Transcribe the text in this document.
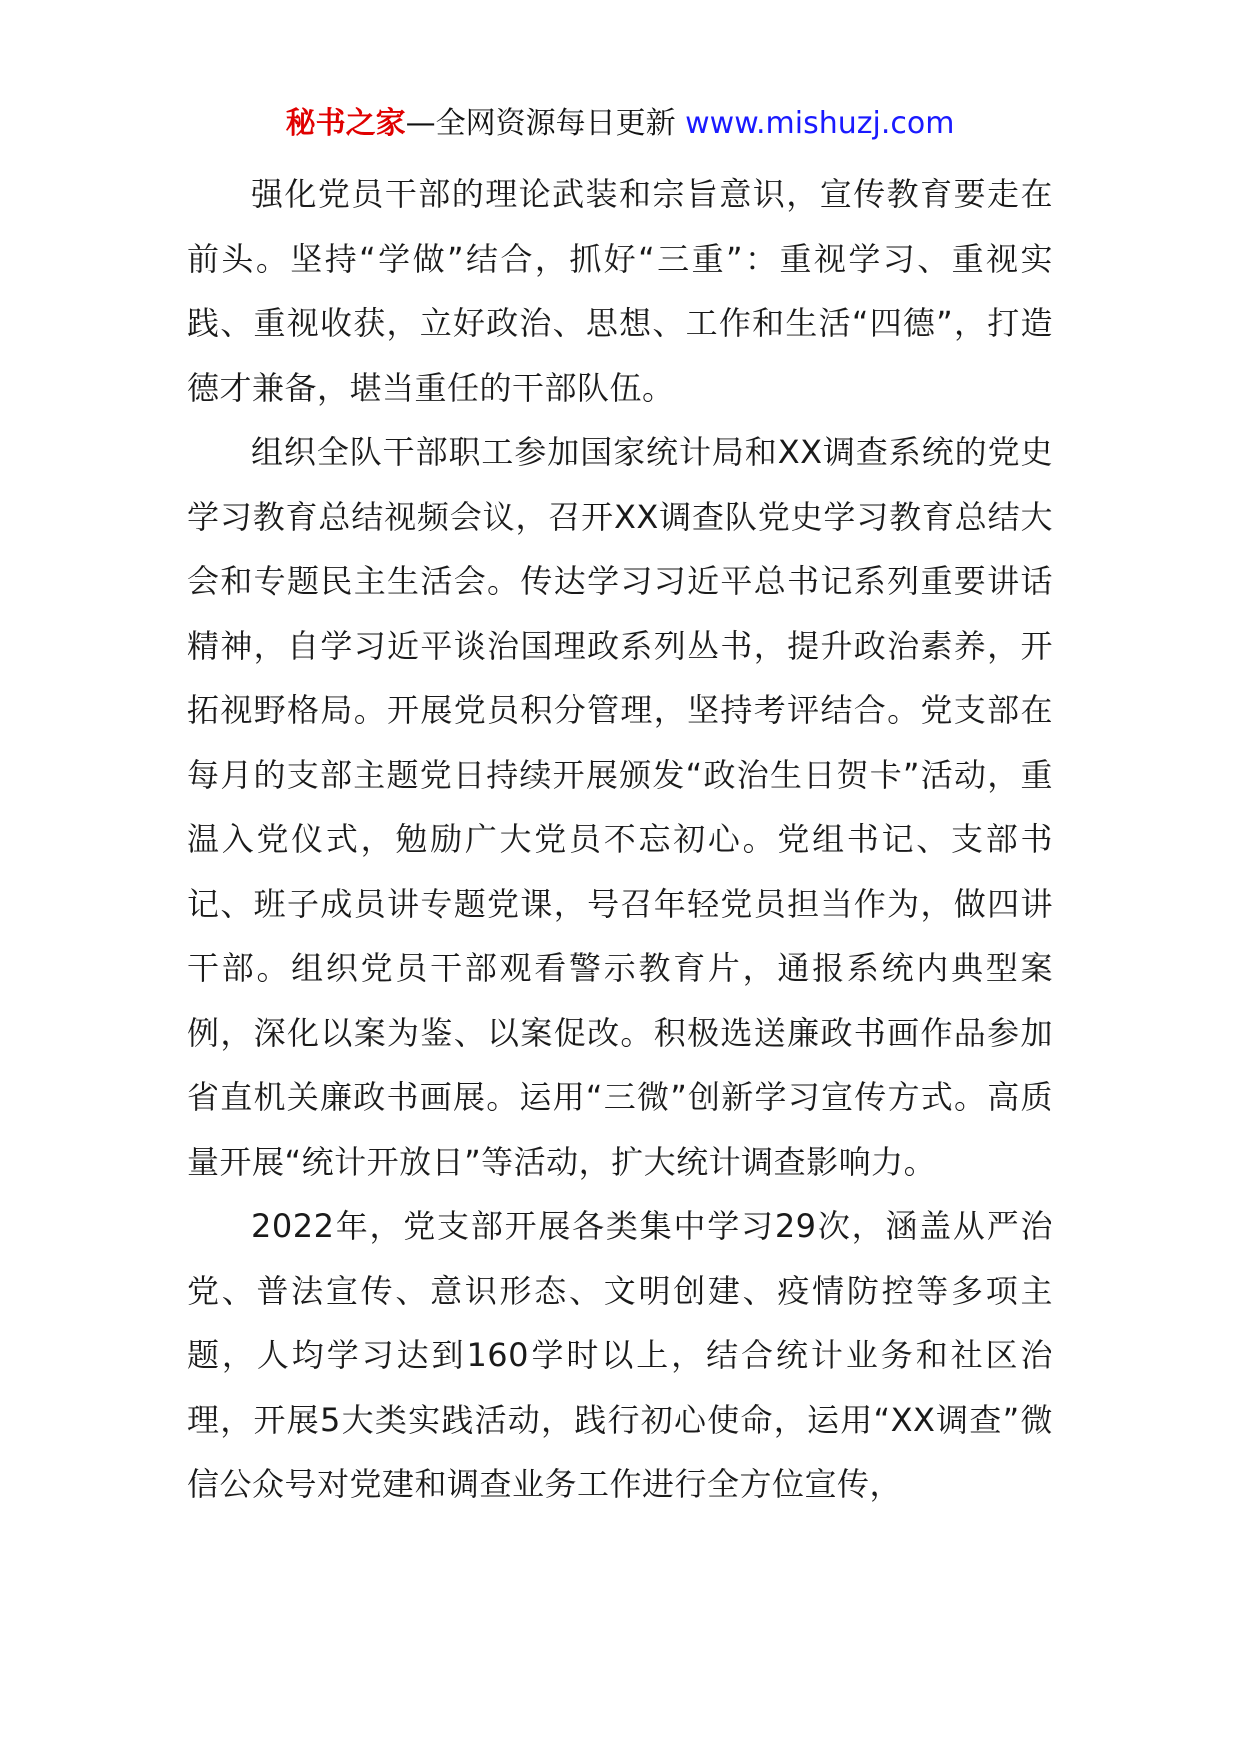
秘书之家—全网资源每日更新 www.mishuzj.com

强化党员干部的理论武装和宗旨意识，宣传教育要走在前头。坚持“学做”结合，抓好“三重”：重视学习、重视实践、重视收获，立好政治、思想、工作和生活“四德”，打造德才兼备，堪当重任的干部队伍。

组织全队干部职工参加国家统计局和XX调查系统的党史学习教育总结视频会议，召开XX调查队党史学习教育总结大会和专题民主生活会。传达学习习近平总书记系列重要讲话精神，自学习近平谈治国理政系列丛书，提升政治素养，开拓视野格局。开展党员积分管理，坚持考评结合。党支部在每月的支部主题党日持续开展颁发“政治生日贺卡”活动，重温入党仪式，勉励广大党员不忘初心。党组书记、支部书记、班子成员讲专题党课，号召年轻党员担当作为，做四讲干部。组织党员干部观看警示教育片，通报系统内典型案例，深化以案为鉴、以案促改。积极选送廉政书画作品参加省直机关廉政书画展。运用“三微”创新学习宣传方式。高质量开展“统计开放日”等活动，扩大统计调查影响力。

2022年，党支部开展各类集中学习29次，涵盖从严治党、普法宣传、意识形态、文明创建、疫情防控等多项主题，人均学习达到160学时以上，结合统计业务和社区治理，开展5大类实践活动，践行初心使命，运用“XX调查”微信公众号对党建和调查业务工作进行全方位宣传，
